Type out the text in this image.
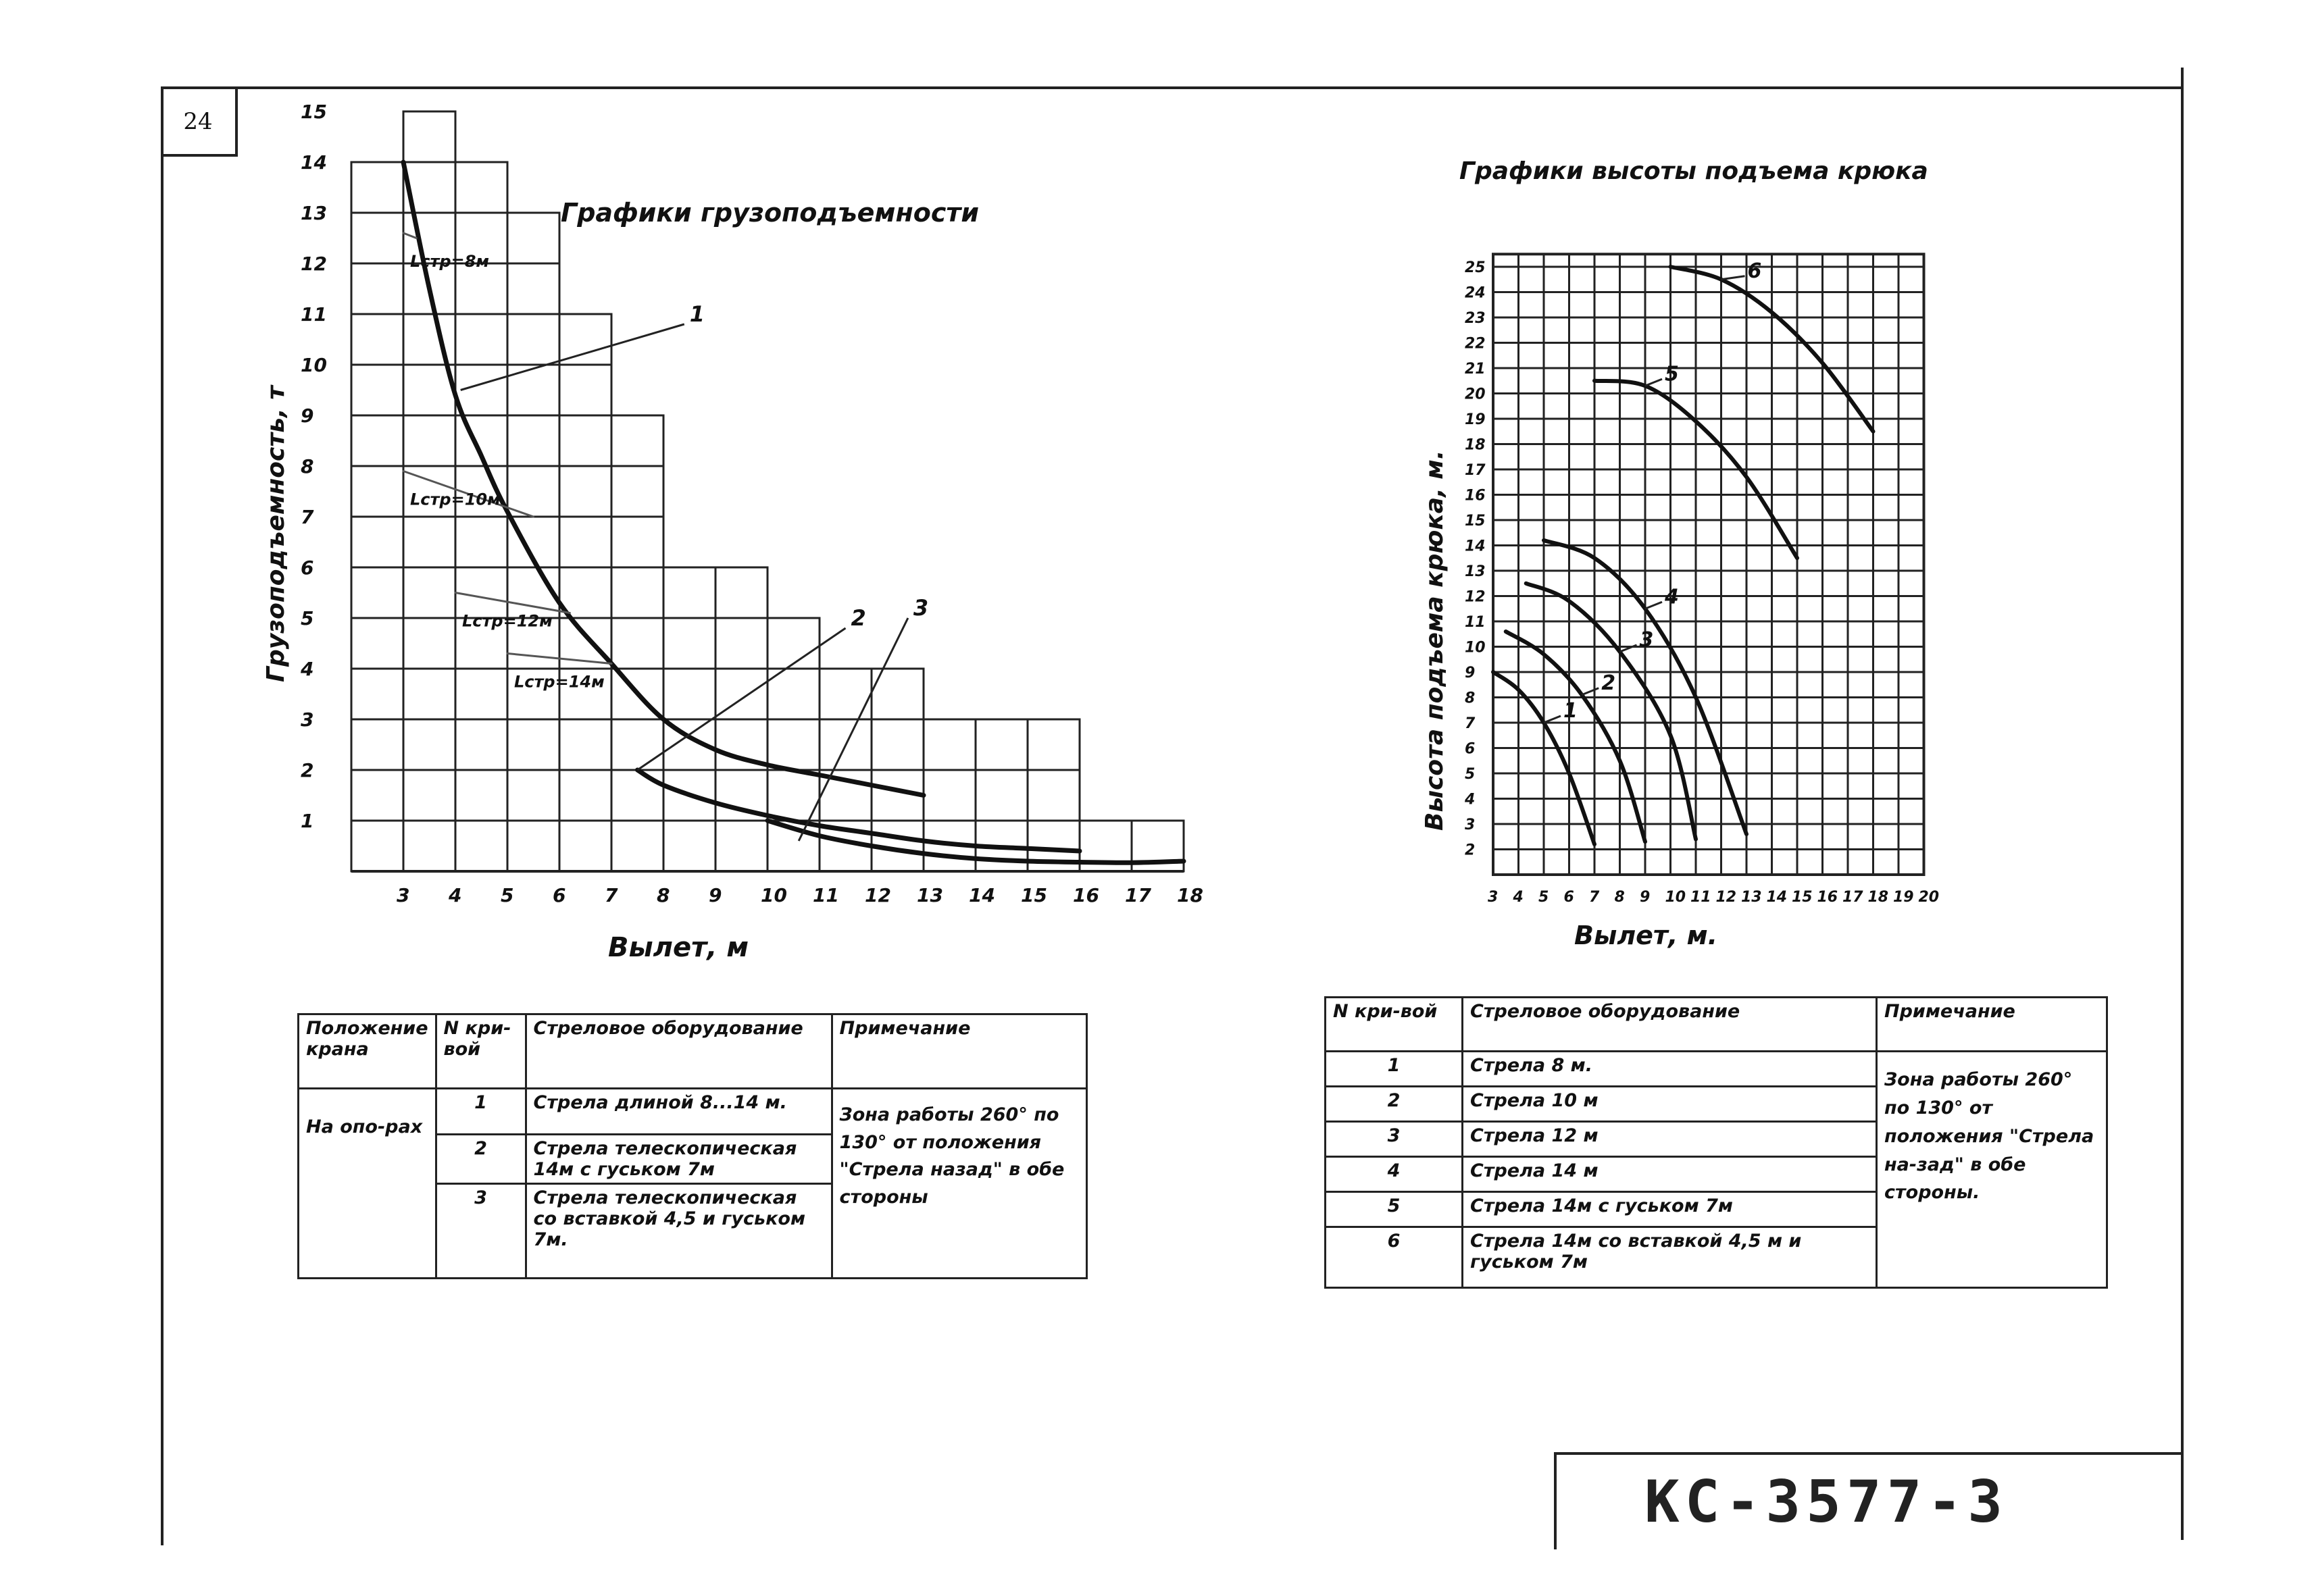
24
Lстр=8м
Lстр=10м
Lстр=12м
Lстр=14м
1
2 3
3 4 5 6 7 8 9 10 11 12 13 14 15 16 17 18
1
2
3
4
5
6
7
8
9
10
11
12
13
14
15
Графики грузоподъемности
Вылет, м
Грузоподъемность, т
1
2
3
4
5
6
3 4 5 6 7 8 9 10 11 12 13 14 15 16 17 18 19 20
2
3
4
5
6
7
8
9
10
11
12
13
14
15
16
17
18
19
20
21
22
23
24
25
Графики высоты подъема крюка
Вылет, м.
Высота подъема крюка, м.
Положение крана	N кри-вой	Стреловое оборудование	Примечание
На опо-рах	1	Стрела длиной 8...14 м.	Зона работы 260° по 130° от положения "Стрела назад" в обе стороны
	2	Стрела телескопическая 14м с гуськом 7м	
	3	Стрела телескопическая со вставкой 4,5 и гуськом 7м.	
N кри-вой	Стреловое оборудование	Примечание
1	Стрела 8 м.	Зона работы 260° по 130° от положения "Стрела на-зад" в обе стороны.
2	Стрела 10 м	
3	Стрела 12 м	
4	Стрела 14 м	
5	Стрела 14м с гуськом 7м	
6	Стрела 14м со вставкой 4,5 м и гуськом 7м	
КС-3577-3
